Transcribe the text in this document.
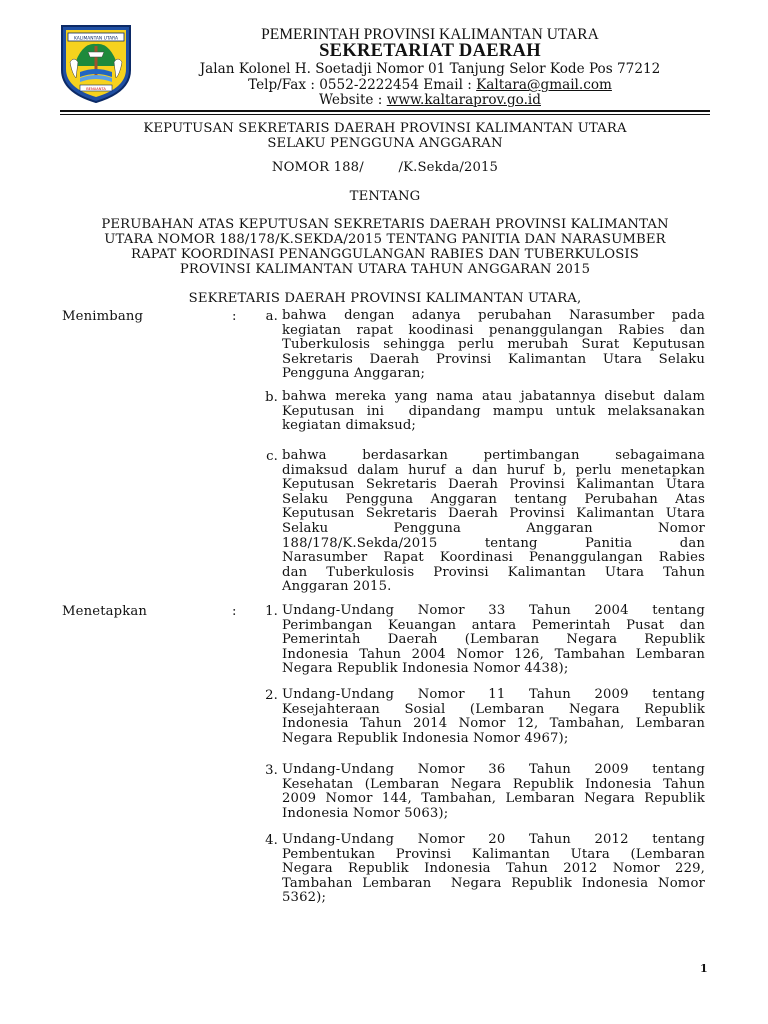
KALIMANTAN UTARA
BENUANTA
PEMERINTAH PROVINSI KALIMANTAN UTARA
SEKRETARIAT DAERAH
Jalan Kolonel H. Soetadji Nomor 01 Tanjung Selor Kode Pos 77212
Telp/Fax : 0552-2222454 Email : Kaltara@gmail.com
Website : www.kaltaraprov.go.id
KEPUTUSAN SEKRETARIS DAERAH PROVINSI KALIMANTAN UTARA
SELAKU PENGGUNA ANGGARAN
NOMOR 188/        /K.Sekda/2015
TENTANG
PERUBAHAN ATAS KEPUTUSAN SEKRETARIS DAERAH PROVINSI KALIMANTAN
UTARA NOMOR 188/178/K.SEKDA/2015 TENTANG PANITIA DAN NARASUMBER
RAPAT KOORDINASI PENANGGULANGAN RABIES DAN TUBERKULOSIS
PROVINSI KALIMANTAN UTARA TAHUN ANGGARAN 2015
SEKRETARIS DAERAH PROVINSI KALIMANTAN UTARA,
Menimbang	:	a. bahwa dengan adanya perubahan Narasumber pada
kegiatan rapat koodinasi penanggulangan Rabies dan
Tuberkulosis sehingga perlu merubah Surat Keputusan
Sekretaris Daerah Provinsi Kalimantan Utara Selaku
Pengguna Anggaran;
b. bahwa mereka yang nama atau jabatannya disebut dalam
Keputusan ini  dipandang mampu untuk melaksanakan
kegiatan dimaksud;
c. bahwa berdasarkan pertimbangan sebagaimana
dimaksud dalam huruf a dan huruf b, perlu menetapkan
Keputusan Sekretaris Daerah Provinsi Kalimantan Utara
Selaku Pengguna Anggaran tentang Perubahan Atas
Keputusan Sekretaris Daerah Provinsi Kalimantan Utara
Selaku Pengguna Anggaran Nomor
188/178/K.Sekda/2015 tentang Panitia dan
Narasumber Rapat Koordinasi Penanggulangan Rabies
dan Tuberkulosis Provinsi Kalimantan Utara Tahun
Anggaran 2015.
Menetapkan	:	1. Undang-Undang Nomor 33 Tahun 2004 tentang
Perimbangan Keuangan antara Pemerintah Pusat dan
Pemerintah Daerah (Lembaran Negara Republik
Indonesia Tahun 2004 Nomor 126, Tambahan Lembaran
Negara Republik Indonesia Nomor 4438);
2. Undang-Undang Nomor 11 Tahun 2009 tentang
Kesejahteraan Sosial (Lembaran Negara Republik
Indonesia Tahun 2014 Nomor 12, Tambahan, Lembaran
Negara Republik Indonesia Nomor 4967);
3. Undang-Undang Nomor 36 Tahun 2009 tentang
Kesehatan (Lembaran Negara Republik Indonesia Tahun
2009 Nomor 144, Tambahan, Lembaran Negara Republik
Indonesia Nomor 5063);
4. Undang-Undang Nomor 20 Tahun 2012 tentang
Pembentukan Provinsi Kalimantan Utara (Lembaran
Negara Republik Indonesia Tahun 2012 Nomor 229,
Tambahan Lembaran  Negara Republik Indonesia Nomor
5362);
1
